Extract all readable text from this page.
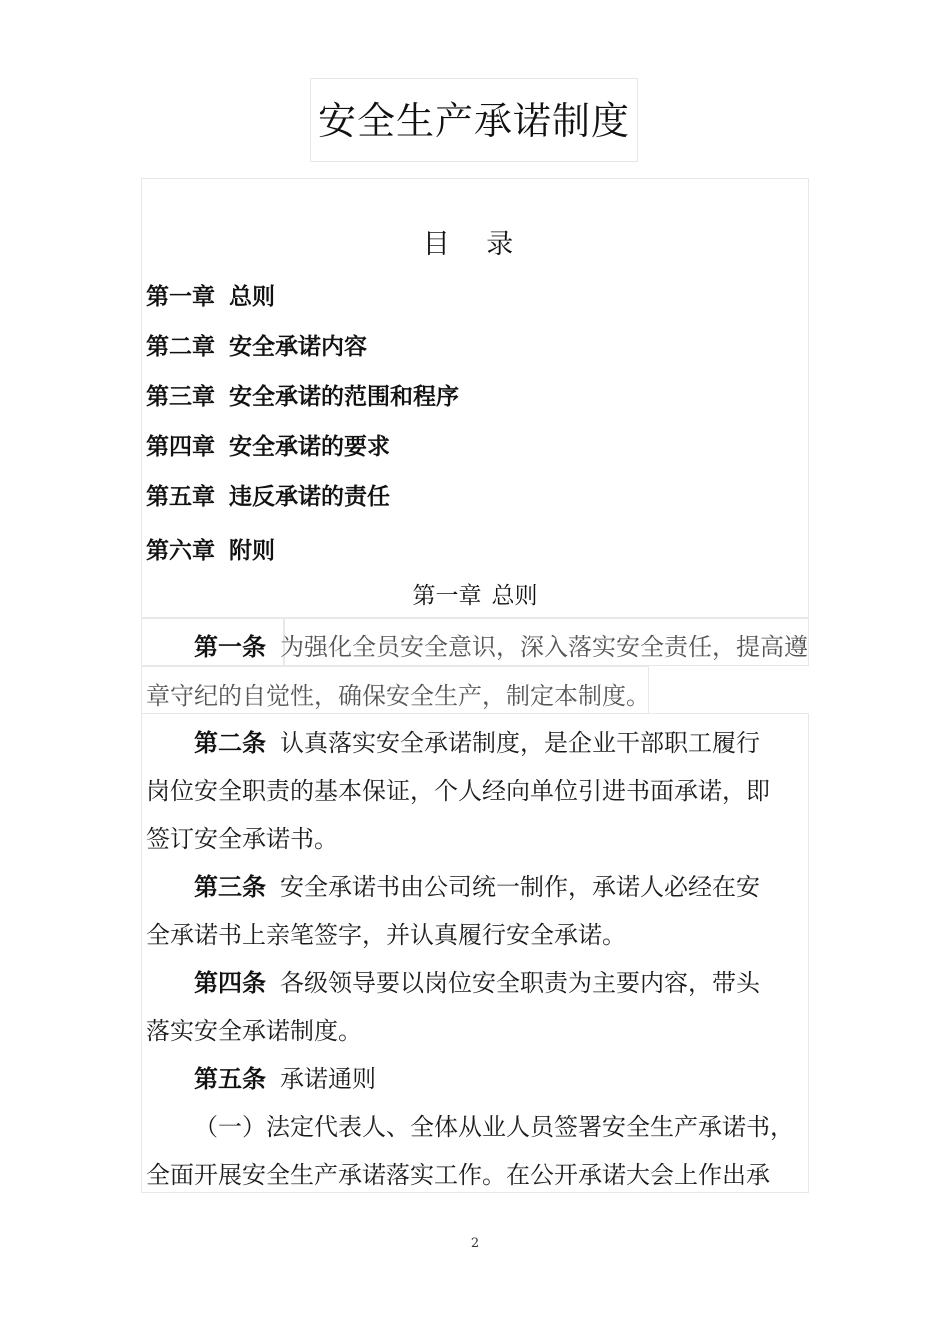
安全生产承诺制度
目 录
第一章 总则
第二章 安全承诺内容
第三章 安全承诺的范围和程序
第四章 安全承诺的要求
第五章 违反承诺的责任
第六章 附则
第一章 总则
第一条 为强化全员安全意识，深入落实安全责任，提高遵
章守纪的自觉性，确保安全生产，制定本制度。
第二条 认真落实安全承诺制度，是企业干部职工履行
岗位安全职责的基本保证，个人经向单位引进书面承诺，即
签订安全承诺书。
第三条 安全承诺书由公司统一制作，承诺人必经在安
全承诺书上亲笔签字，并认真履行安全承诺。
第四条 各级领导要以岗位安全职责为主要内容，带头
落实安全承诺制度。
第五条 承诺通则
（一）法定代表人、全体从业人员签署安全生产承诺书，
全面开展安全生产承诺落实工作。在公开承诺大会上作出承
2
